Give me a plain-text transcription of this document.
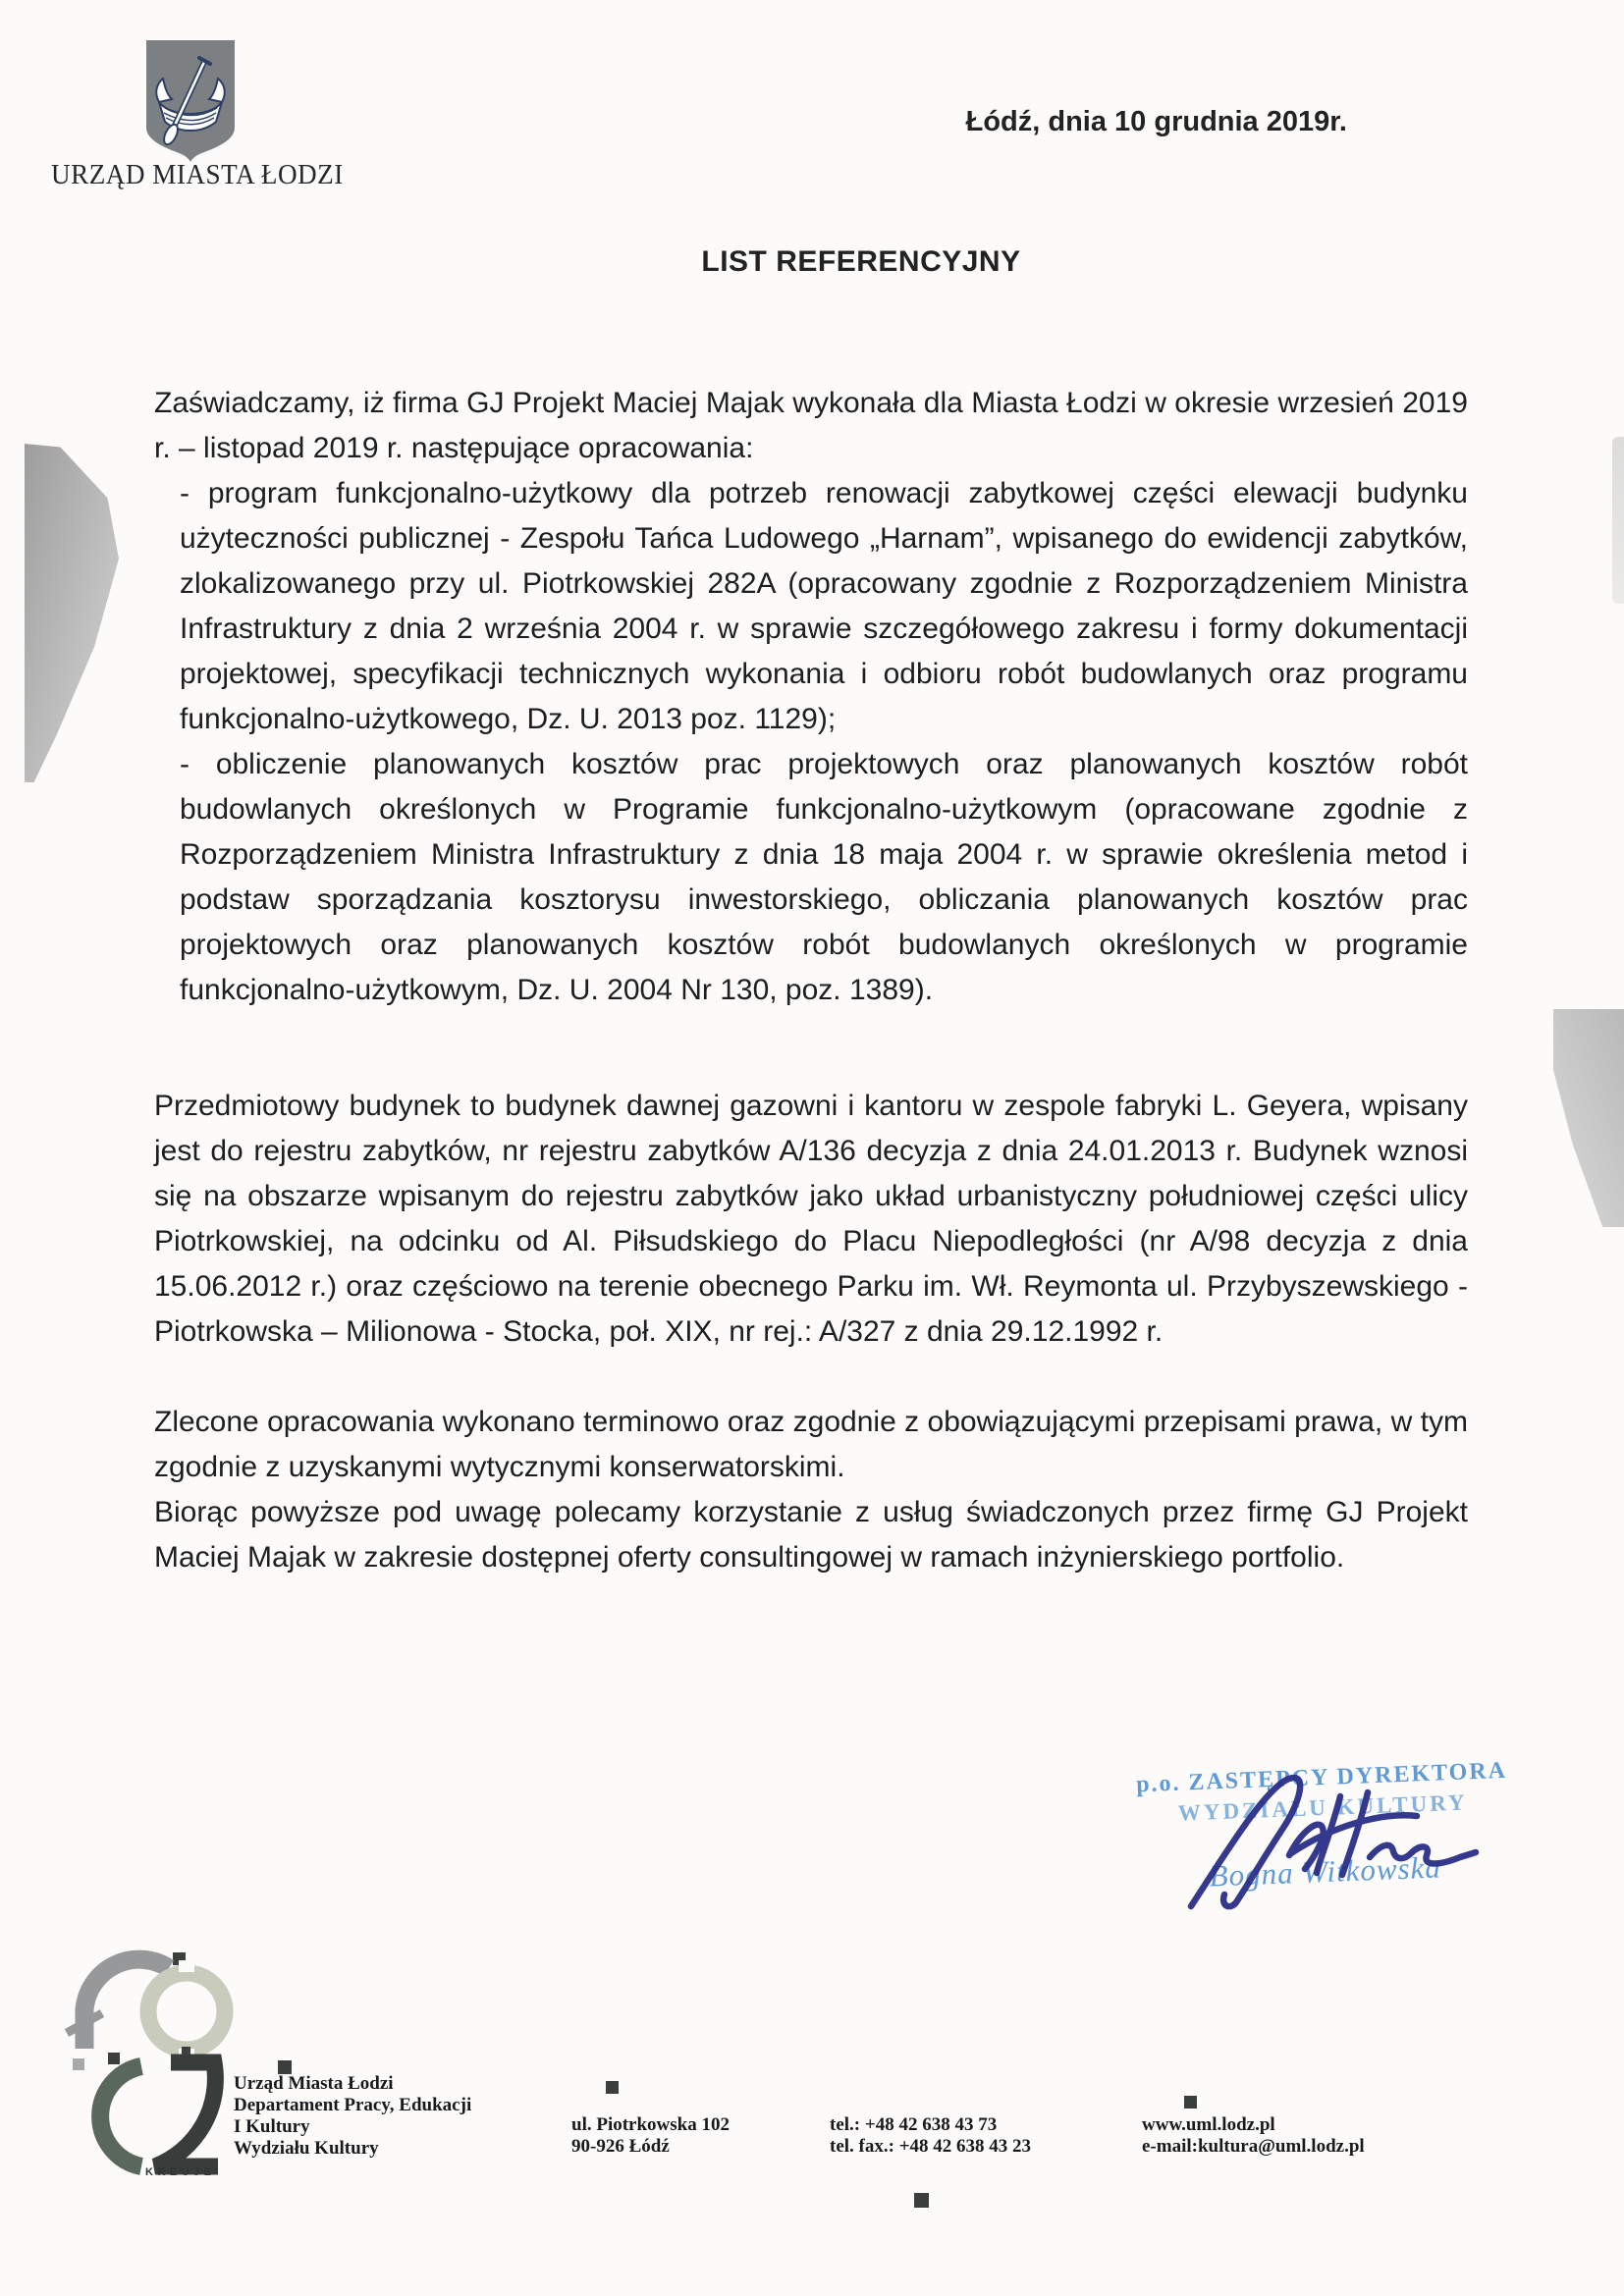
URZĄD MIASTA ŁODZI
Łódź, dnia 10 grudnia 2019r.
LIST REFERENCYJNY

Zaświadczamy, iż firma GJ Projekt Maciej Majak wykonała dla Miasta Łodzi w okresie wrzesień 2019 r. – listopad 2019 r. następujące opracowania:

- program funkcjonalno-użytkowy dla potrzeb renowacji zabytkowej części elewacji budynku użyteczności publicznej - Zespołu Tańca Ludowego „Harnam”, wpisanego do ewidencji zabytków, zlokalizowanego przy ul. Piotrkowskiej 282A (opracowany zgodnie z Rozporządzeniem Ministra Infrastruktury z dnia 2 września 2004 r. w sprawie szczegółowego zakresu i formy dokumentacji projektowej, specyfikacji technicznych wykonania i odbioru robót budowlanych oraz programu funkcjonalno-użytkowego, Dz. U. 2013 poz. 1129);

- obliczenie planowanych kosztów prac projektowych oraz planowanych kosztów robót budowlanych określonych w Programie funkcjonalno-użytkowym (opracowane zgodnie z Rozporządzeniem Ministra Infrastruktury z dnia 18 maja 2004 r. w sprawie określenia metod i podstaw sporządzania kosztorysu inwestorskiego, obliczania planowanych kosztów prac projektowych oraz planowanych kosztów robót budowlanych określonych w programie funkcjonalno-użytkowym, Dz. U. 2004 Nr 130, poz. 1389).

Przedmiotowy budynek to budynek dawnej gazowni i kantoru w zespole fabryki L. Geyera, wpisany jest do rejestru zabytków, nr rejestru zabytków A/136 decyzja z dnia 24.01.2013 r. Budynek wznosi się na obszarze wpisanym do rejestru zabytków jako układ urbanistyczny południowej części ulicy Piotrkowskiej, na odcinku od Al. Piłsudskiego do Placu Niepodległości (nr A/98 decyzja z dnia 15.06.2012 r.) oraz częściowo na terenie obecnego Parku im. Wł. Reymonta ul. Przybyszewskiego - Piotrkowska – Milionowa - Stocka, poł. XIX, nr rej.: A/327 z dnia 29.12.1992 r.

Zlecone opracowania wykonano terminowo oraz zgodnie z obowiązującymi przepisami prawa, w tym zgodnie z uzyskanymi wytycznymi konserwatorskimi.

Biorąc powyższe pod uwagę polecamy korzystanie z usług świadczonych przez firmę GJ Projekt Maciej Majak w zakresie dostępnej oferty consultingowej w ramach inżynierskiego portfolio.

p.o. ZASTĘPCY DYREKTORA
WYDZIAŁU KULTURY
Bogna Witkowska
KREUJE
Urząd Miasta Łodzi
Departament Pracy, Edukacji
I Kultury
Wydziału Kultury
ul. Piotrkowska 102
90-926 Łódź
tel.: +48 42 638 43 73
tel. fax.: +48 42 638 43 23
www.uml.lodz.pl
e-mail:kultura@uml.lodz.pl
